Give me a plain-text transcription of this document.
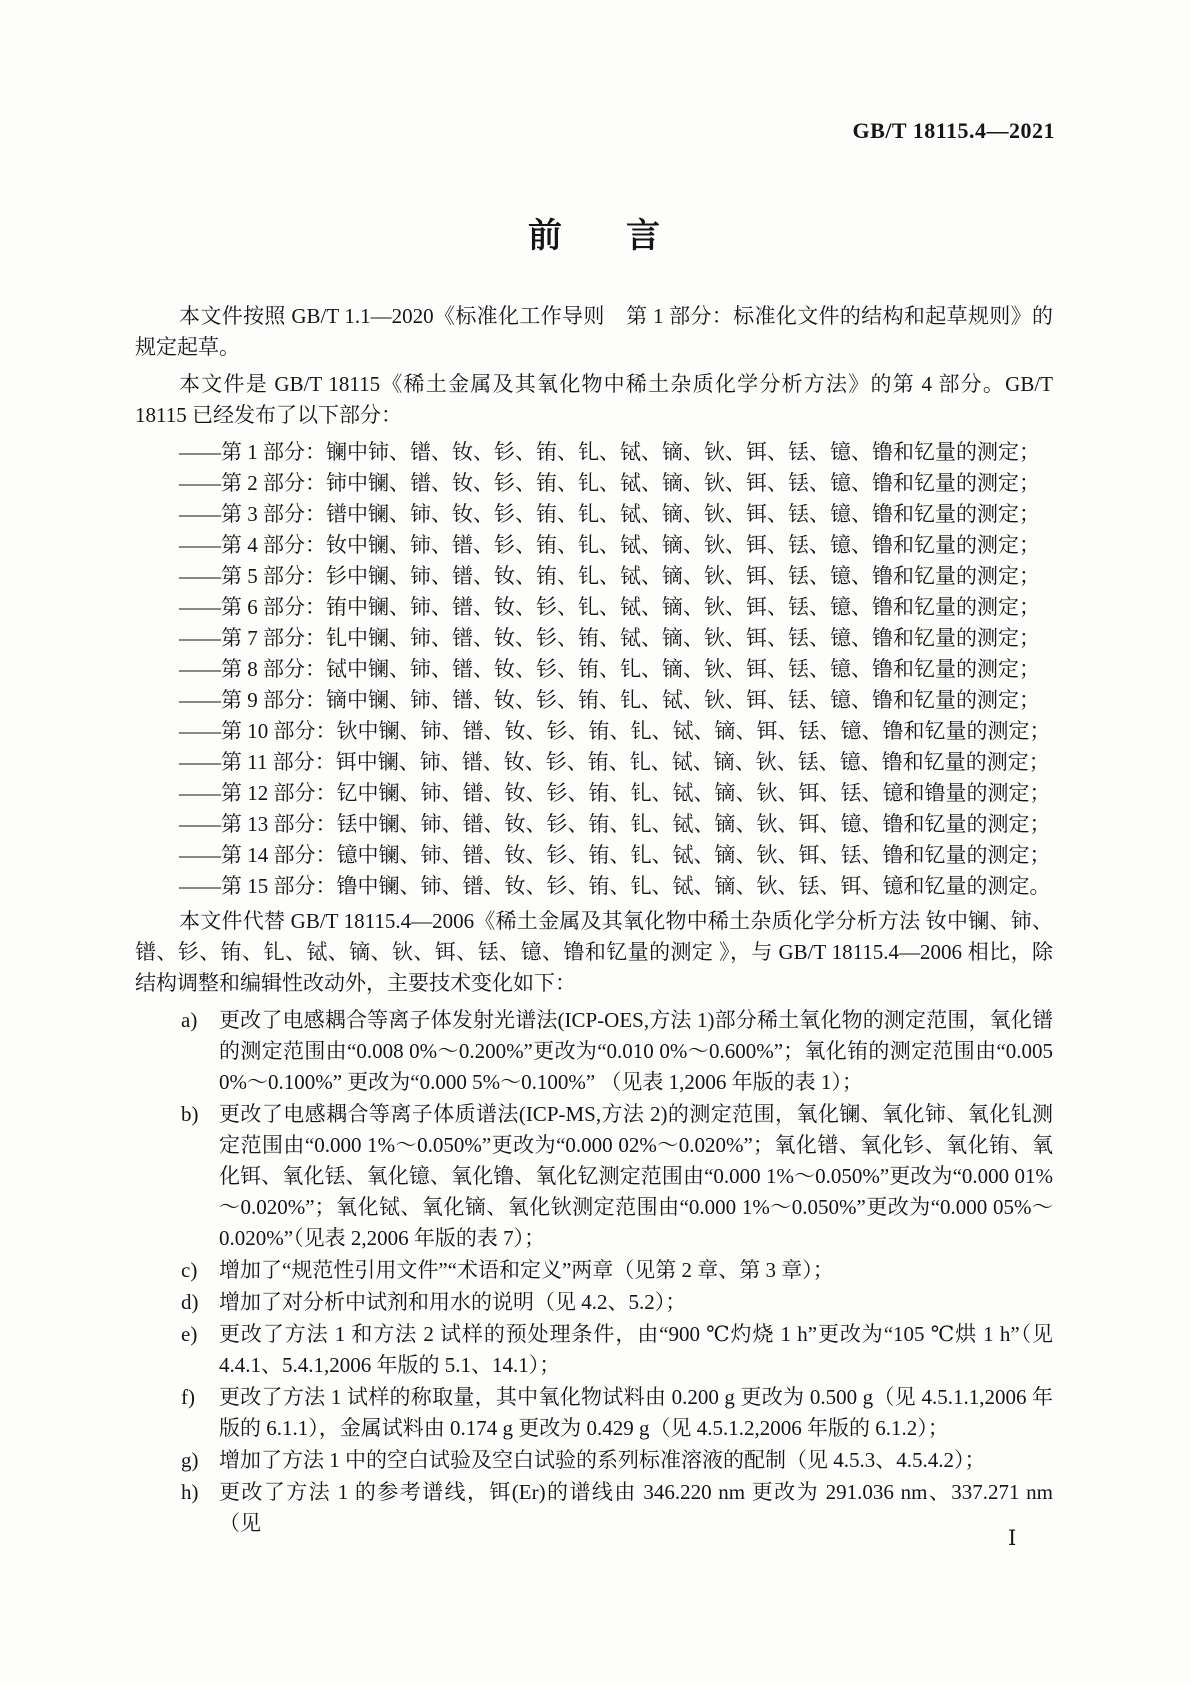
GB/T 18115.4—2021
前 言

本文件按照 GB/T 1.1—2020《标准化工作导则　第 1 部分：标准化文件的结构和起草规则》的规定起草。

本文件是 GB/T 18115《稀土金属及其氧化物中稀土杂质化学分析方法》的第 4 部分。GB/T 18115 已经发布了以下部分：

——第 1 部分：镧中铈、镨、钕、钐、铕、钆、铽、镝、钬、铒、铥、镱、镥和钇量的测定；
——第 2 部分：铈中镧、镨、钕、钐、铕、钆、铽、镝、钬、铒、铥、镱、镥和钇量的测定；
——第 3 部分：镨中镧、铈、钕、钐、铕、钆、铽、镝、钬、铒、铥、镱、镥和钇量的测定；
——第 4 部分：钕中镧、铈、镨、钐、铕、钆、铽、镝、钬、铒、铥、镱、镥和钇量的测定；
——第 5 部分：钐中镧、铈、镨、钕、铕、钆、铽、镝、钬、铒、铥、镱、镥和钇量的测定；
——第 6 部分：铕中镧、铈、镨、钕、钐、钆、铽、镝、钬、铒、铥、镱、镥和钇量的测定；
——第 7 部分：钆中镧、铈、镨、钕、钐、铕、铽、镝、钬、铒、铥、镱、镥和钇量的测定；
——第 8 部分：铽中镧、铈、镨、钕、钐、铕、钆、镝、钬、铒、铥、镱、镥和钇量的测定；
——第 9 部分：镝中镧、铈、镨、钕、钐、铕、钆、铽、钬、铒、铥、镱、镥和钇量的测定；
——第 10 部分：钬中镧、铈、镨、钕、钐、铕、钆、铽、镝、铒、铥、镱、镥和钇量的测定；
——第 11 部分：铒中镧、铈、镨、钕、钐、铕、钆、铽、镝、钬、铥、镱、镥和钇量的测定；
——第 12 部分：钇中镧、铈、镨、钕、钐、铕、钆、铽、镝、钬、铒、铥、镱和镥量的测定；
——第 13 部分：铥中镧、铈、镨、钕、钐、铕、钆、铽、镝、钬、铒、镱、镥和钇量的测定；
——第 14 部分：镱中镧、铈、镨、钕、钐、铕、钆、铽、镝、钬、铒、铥、镥和钇量的测定；
——第 15 部分：镥中镧、铈、镨、钕、钐、铕、钆、铽、镝、钬、铥、铒、镱和钇量的测定。

本文件代替 GB/T 18115.4—2006《稀土金属及其氧化物中稀土杂质化学分析方法 钕中镧、铈、镨、钐、铕、钆、铽、镝、钬、铒、铥、镱、镥和钇量的测定 》，与 GB/T 18115.4—2006 相比，除结构调整和编辑性改动外，主要技术变化如下：

a) 更改了电感耦合等离子体发射光谱法(ICP-OES,方法 1)部分稀土氧化物的测定范围，氧化镨的测定范围由“0.008 0%～0.200%”更改为“0.010 0%～0.600%”；氧化铕的测定范围由“0.005 0%～0.100%” 更改为“0.000 5%～0.100%” （见表 1,2006 年版的表 1）；
b) 更改了电感耦合等离子体质谱法(ICP-MS,方法 2)的测定范围，氧化镧、氧化铈、氧化钆测定范围由“0.000 1%～0.050%”更改为“0.000 02%～0.020%”；氧化镨、氧化钐、氧化铕、氧化铒、氧化铥、氧化镱、氧化镥、氧化钇测定范围由“0.000 1%～0.050%”更改为“0.000 01%～0.020%”；氧化铽、氧化镝、氧化钬测定范围由“0.000 1%～0.050%”更改为“0.000 05%～0.020%”（见表 2,2006 年版的表 7）；
c) 增加了“规范性引用文件”“术语和定义”两章（见第 2 章、第 3 章）；
d) 增加了对分析中试剂和用水的说明（见 4.2、5.2）；
e) 更改了方法 1 和方法 2 试样的预处理条件，由“900 ℃灼烧 1 h”更改为“105 ℃烘 1 h”（见 4.4.1、5.4.1,2006 年版的 5.1、14.1）；
f) 更改了方法 1 试样的称取量，其中氧化物试料由 0.200 g 更改为 0.500 g（见 4.5.1.1,2006 年版的 6.1.1），金属试料由 0.174 g 更改为 0.429 g（见 4.5.1.2,2006 年版的 6.1.2）；
g) 增加了方法 1 中的空白试验及空白试验的系列标准溶液的配制（见 4.5.3、4.5.4.2）；
h) 更改了方法 1 的参考谱线，铒(Er)的谱线由 346.220 nm 更改为 291.036 nm、337.271 nm （见
Ⅰ
